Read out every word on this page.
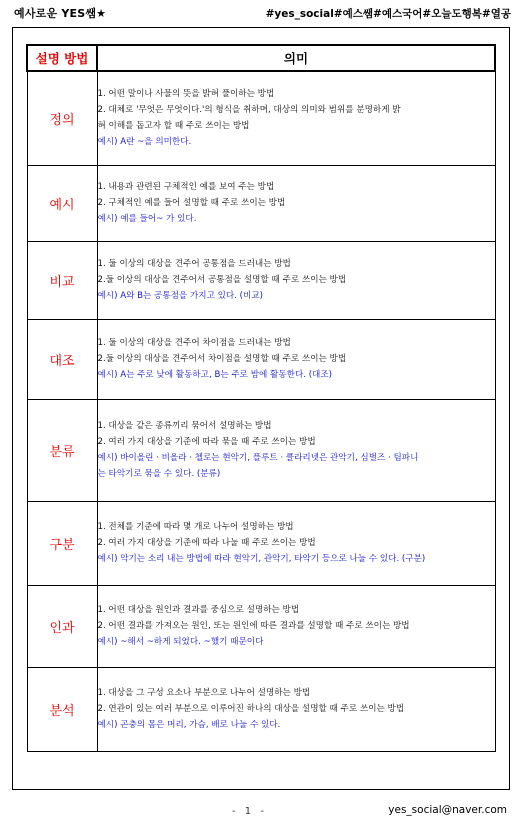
예사로운 YES쌤★	#yes_social#예스쌤#예스국어#오늘도행복#열공
설명 방법	의미
정의	1. 어떤 말이나 사물의 뜻을 밝혀 풀이하는 방법
2. 대체로 '무엇은 무엇이다.'의 형식을 취하며, 대상의 의미와 범위를 분명하게 밝
혀 이해를 돕고자 할 때 주로 쓰이는 방법
예시) A란 ~을 의미한다.

예시	1. 내용과 관련된 구체적인 예를 보여 주는 방법
2. 구체적인 예를 들어 설명할 때 주로 쓰이는 방법
예시) 예를 들어~ 가 있다.

비교	1. 둘 이상의 대상을 견주어 공통점을 드러내는 방법
2.둘 이상의 대상을 견주어서 공통점을 설명할 때 주로 쓰이는 방법
예시) A와 B는 공통점을 가지고 있다. (비교)

대조	1. 둘 이상의 대상을 견주어 차이점을 드러내는 방법
2.둘 이상의 대상을 견주어서 차이점을 설명할 때 주로 쓰이는 방법
예시) A는 주로 낮에 활동하고, B는 주로 밤에 활동한다. (대조)

분류	1. 대상을 같은 종류끼리 묶어서 설명하는 방법
2. 여러 가지 대상을 기준에 따라 묶을 때 주로 쓰이는 방법
예시) 바이올린 · 비올라 · 첼로는 현악기, 플루트 · 클라리넷은 관악기, 심벌즈 · 팀파니
는 타악기로 묶을 수 있다. (분류)

구분	1. 전체를 기준에 따라 몇 개로 나누어 설명하는 방법
2. 여러 가지 대상을 기준에 따라 나눌 때 주로 쓰이는 방법
예시) 악기는 소리 내는 방법에 따라 현악기, 관악기, 타악기 등으로 나눌 수 있다. (구분)

인과	1. 어떤 대상을 원인과 결과를 중심으로 설명하는 방법
2. 어떤 결과를 가져오는 원인, 또는 원인에 따른 결과를 설명할 때 주로 쓰이는 방법
예시) ~해서 ~하게 되었다. ~했기 때문이다

분석	1. 대상을 그 구성 요소나 부분으로 나누어 설명하는 방법
2. 연관이 있는 여러 부분으로 이루어진 하나의 대상을 설명할 때 주로 쓰이는 방법
예시) 곤충의 몸은 머리, 가슴, 배로 나눌 수 있다.
- 1 -	yes_social@naver.com
